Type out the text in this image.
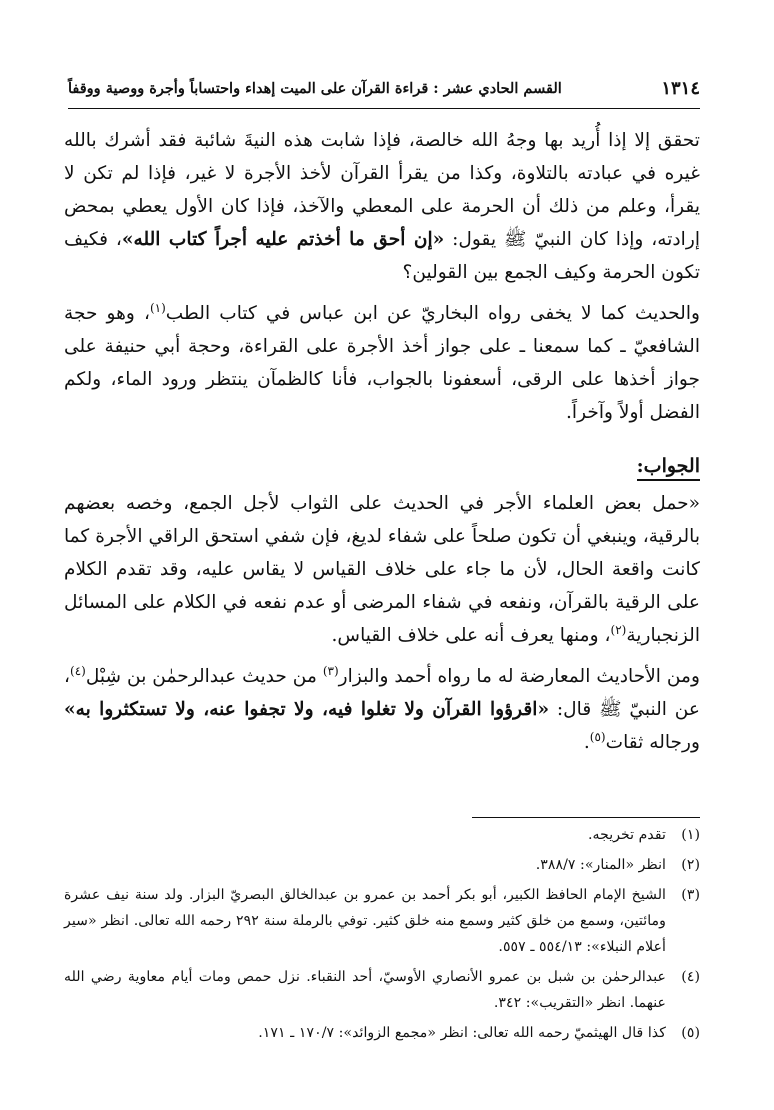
١٣١٤
القسم الحادي عشر : قراءة القرآن على الميت إهداء واحتساباً وأجرة ووصية ووقفاً

تحقق إلا إذا أُريد بها وجهُ الله خالصة، فإذا شابت هذه النيةَ شائبة فقد أشرك بالله غيره في عبادته بالتلاوة، وكذا من يقرأ القرآن لأخذ الأجرة لا غير، فإذا لم تكن لا يقرأ، وعلم من ذلك أن الحرمة على المعطي والآخذ، فإذا كان الأول يعطي بمحض إرادته، وإذا كان النبيّ ﷺ يقول: «إن أحق ما أخذتم عليه أجراً كتاب الله»، فكيف تكون الحرمة وكيف الجمع بين القولين؟

والحديث كما لا يخفى رواه البخاريّ عن ابن عباس في كتاب الطب$^{(١)}$، وهو حجة الشافعيّ ـ كما سمعنا ـ على جواز أخذ الأجرة على القراءة، وحجة أبي حنيفة على جواز أخذها على الرقى، أسعفونا بالجواب، فأنا كالظمآن ينتظر ورود الماء، ولكم الفضل أولاً وآخراً.

الجواب:

«حمل بعض العلماء الأجر في الحديث على الثواب لأجل الجمع، وخصه بعضهم بالرقية، وينبغي أن تكون صلحاً على شفاء لديغ، فإن شفي استحق الراقي الأجرة كما كانت واقعة الحال، لأن ما جاء على خلاف القياس لا يقاس عليه، وقد تقدم الكلام على الرقية بالقرآن، ونفعه في شفاء المرضى أو عدم نفعه في الكلام على المسائل الزنجبارية$^{(٢)}$، ومنها يعرف أنه على خلاف القياس.

ومن الأحاديث المعارضة له ما رواه أحمد والبزار$^{(٣)}$ من حديث عبدالرحمٰن بن شِبْل$^{(٤)}$، عن النبيّ ﷺ قال: «اقرؤوا القرآن ولا تغلوا فيه، ولا تجفوا عنه، ولا تستكثروا به» ورجاله ثقات$^{(٥)}$.

(١)
تقدم تخريجه.
(٢)
انظر «المنار»: ٣٨٨/٧.
(٣)
الشيخ الإمام الحافظ الكبير، أبو بكر أحمد بن عمرو بن عبدالخالق البصريّ البزار. ولد سنة نيف عشرة ومائتين، وسمع من خلق كثير وسمع منه خلق كثير. توفي بالرملة سنة ٢٩٢ رحمه الله تعالى. انظر «سير أعلام النبلاء»: ٥٥٤/١٣ ـ ٥٥٧.
(٤)
عبدالرحمٰن بن شبل بن عمرو الأنصاري الأوسيّ، أحد النقباء. نزل حمص ومات أيام معاوية رضي الله عنهما. انظر «التقريب»: ٣٤٢.
(٥)
كذا قال الهيثميّ رحمه الله تعالى: انظر «مجمع الزوائد»: ١٧٠/٧ ـ ١٧١.
